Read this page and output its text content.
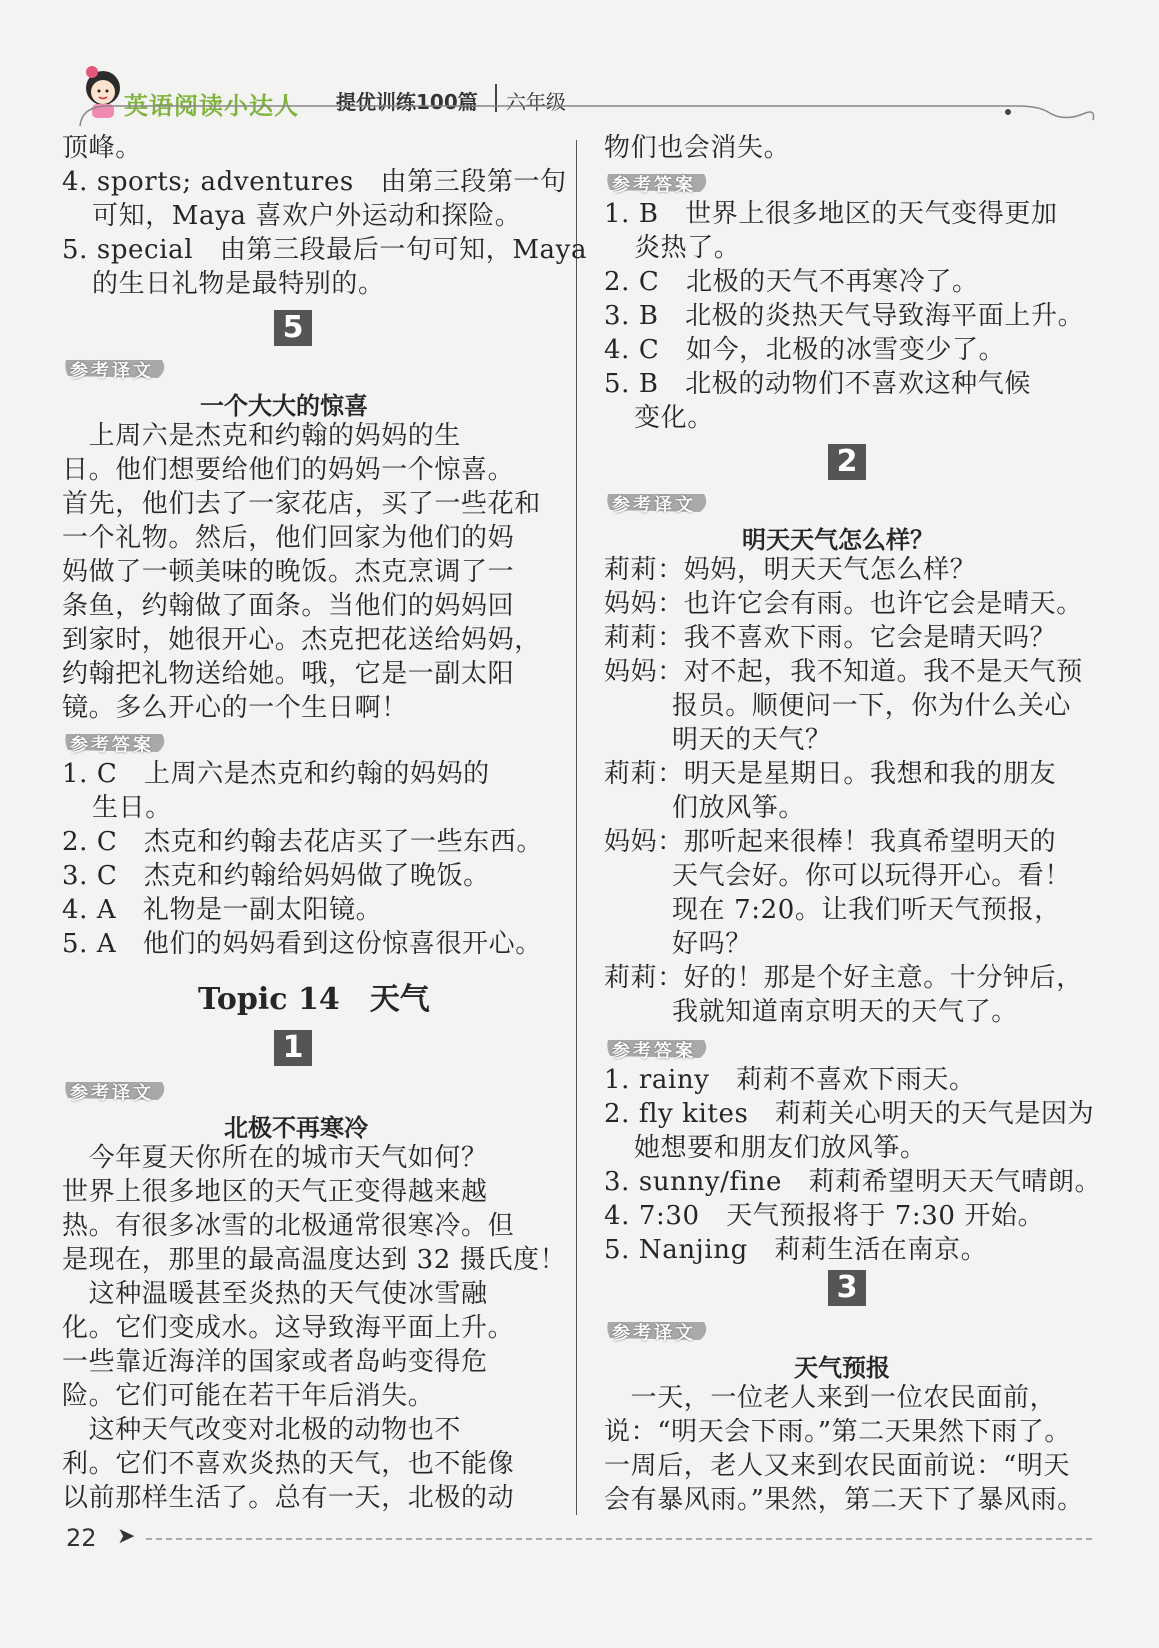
英语阅读小达人 提优训练100篇 六年级
顶峰。
4. sports; adventures　由第三段第一句
可知，Maya 喜欢户外运动和探险。
5. special　由第三段最后一句可知，Maya
的生日礼物是最特别的。
5
参考译文
一个大大的惊喜
　上周六是杰克和约翰的妈妈的生
日。他们想要给他们的妈妈一个惊喜。
首先，他们去了一家花店，买了一些花和
一个礼物。然后，他们回家为他们的妈
妈做了一顿美味的晚饭。杰克烹调了一
条鱼，约翰做了面条。当他们的妈妈回
到家时，她很开心。杰克把花送给妈妈，
约翰把礼物送给她。哦，它是一副太阳
镜。多么开心的一个生日啊！
参考答案
1. C　上周六是杰克和约翰的妈妈的
生日。
2. C　杰克和约翰去花店买了一些东西。
3. C　杰克和约翰给妈妈做了晚饭。
4. A　礼物是一副太阳镜。
5. A　他们的妈妈看到这份惊喜很开心。
Topic 14　天气
1
参考译文
北极不再寒冷
　今年夏天你所在的城市天气如何？
世界上很多地区的天气正变得越来越
热。有很多冰雪的北极通常很寒冷。但
是现在，那里的最高温度达到 32 摄氏度！
　这种温暖甚至炎热的天气使冰雪融
化。它们变成水。这导致海平面上升。
一些靠近海洋的国家或者岛屿变得危
险。它们可能在若干年后消失。
　这种天气改变对北极的动物也不
利。它们不喜欢炎热的天气，也不能像
以前那样生活了。总有一天，北极的动
物们也会消失。
参考答案
1. B　世界上很多地区的天气变得更加
炎热了。
2. C　北极的天气不再寒冷了。
3. B　北极的炎热天气导致海平面上升。
4. C　如今，北极的冰雪变少了。
5. B　北极的动物们不喜欢这种气候
变化。
2
参考译文
明天天气怎么样？
莉莉：妈妈，明天天气怎么样？
妈妈：也许它会有雨。也许它会是晴天。
莉莉：我不喜欢下雨。它会是晴天吗？
妈妈：对不起，我不知道。我不是天气预
报员。顺便问一下，你为什么关心
明天的天气？
莉莉：明天是星期日。我想和我的朋友
们放风筝。
妈妈：那听起来很棒！我真希望明天的
天气会好。你可以玩得开心。看！
现在 7:20。让我们听天气预报，
好吗？
莉莉：好的！那是个好主意。十分钟后，
我就知道南京明天的天气了。
参考答案
1. rainy　莉莉不喜欢下雨天。
2. fly kites　莉莉关心明天的天气是因为
她想要和朋友们放风筝。
3. sunny/fine　莉莉希望明天天气晴朗。
4. 7:30　天气预报将于 7:30 开始。
5. Nanjing　莉莉生活在南京。
3
参考译文
天气预报
　一天，一位老人来到一位农民面前，
说：“明天会下雨。”第二天果然下雨了。
一周后，老人又来到农民面前说：“明天
会有暴风雨。”果然，第二天下了暴风雨。
22 ➤
